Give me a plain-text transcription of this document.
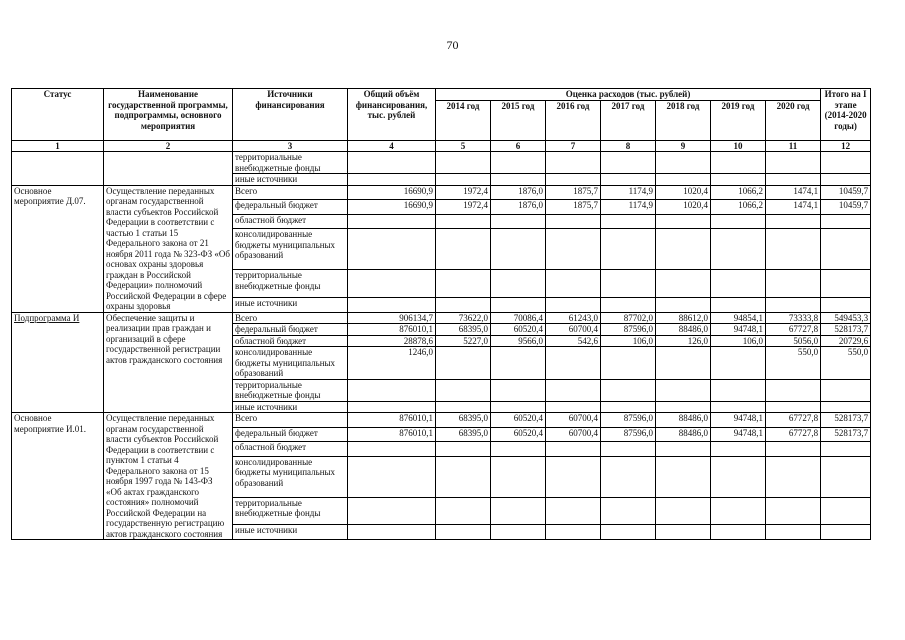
70
Статус	Наименование государственной программы, подпрограммы, основного мероприятия	Источники финансирования	Общий объём финансирования, тыс. рублей	Оценка расходов (тыс. рублей)							Итого на I этапе (2014-2020 годы)
				2014 год	2015 год	2016 год	2017 год	2018 год	2019 год	2020 год	
1	2	3	4	5	6	7	8	9	10	11	12
		территориальные внебюджетные фонды									
		иные источники									
Основное мероприятие Д.07.	Осуществление переданных органам государственной власти субъектов Российской Федерации в соответствии с частью 1 статьи 15 Федерального закона от 21 ноября 2011 года № 323-ФЗ «Об основах охраны здоровья граждан в Российской Федерации» полномочий Российской Федерации в сфере охраны здоровья	Всего	16690,9	1972,4	1876,0	1875,7	1174,9	1020,4	1066,2	1474,1	10459,7
		федеральный бюджет	16690,9	1972,4	1876,0	1875,7	1174,9	1020,4	1066,2	1474,1	10459,7
		областной бюджет									
		консолидированные бюджеты муниципальных образований									
		территориальные внебюджетные фонды									
		иные источники									
Подпрограмма И	Обеспечение защиты и реализации прав граждан и организаций в сфере государственной регистрации актов гражданского состояния	Всего	906134,7	73622,0	70086,4	61243,0	87702,0	88612,0	94854,1	73333,8	549453,3
		федеральный бюджет	876010,1	68395,0	60520,4	60700,4	87596,0	88486,0	94748,1	67727,8	528173,7
		областной бюджет	28878,6	5227,0	9566,0	542,6	106,0	126,0	106,0	5056,0	20729,6
		консолидированные бюджеты муниципальных образований	1246,0							550,0	550,0
		территориальные внебюджетные фонды									
		иные источники									
Основное мероприятие И.01.	Осуществление переданных органам государственной власти субъектов Российской Федерации в соответствии с пунктом 1 статьи 4 Федерального закона от 15 ноября 1997 года № 143-ФЗ «Об актах гражданского состояния» полномочий Российской Федерации на государственную регистрацию актов гражданского состояния	Всего	876010,1	68395,0	60520,4	60700,4	87596,0	88486,0	94748,1	67727,8	528173,7
		федеральный бюджет	876010,1	68395,0	60520,4	60700,4	87596,0	88486,0	94748,1	67727,8	528173,7
		областной бюджет									
		консолидированные бюджеты муниципальных образований									
		территориальные внебюджетные фонды									
		иные источники									
